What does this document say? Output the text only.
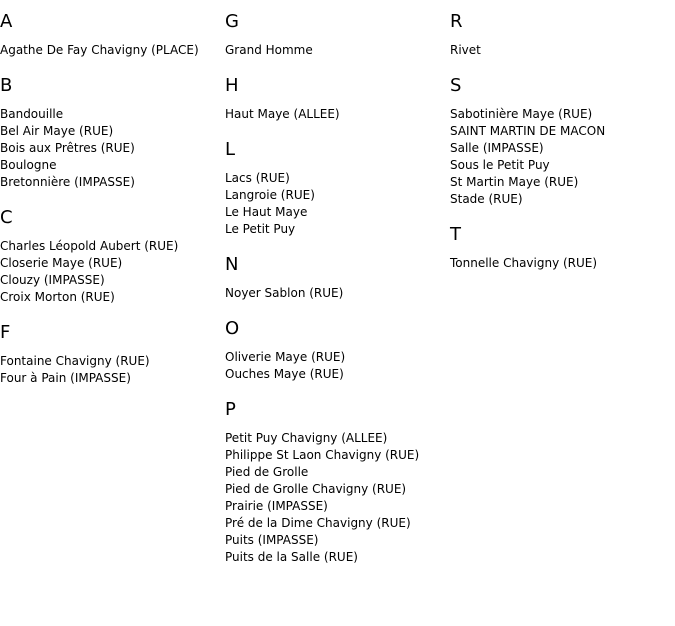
A
Agathe De Fay Chavigny (PLACE)
B
Bandouille
Bel Air Maye (RUE)
Bois aux Prêtres (RUE)
Boulogne
Bretonnière (IMPASSE)
C
Charles Léopold Aubert (RUE)
Closerie Maye (RUE)
Clouzy (IMPASSE)
Croix Morton (RUE)
F
Fontaine Chavigny (RUE)
Four à Pain (IMPASSE)
G
Grand Homme
H
Haut Maye (ALLEE)
L
Lacs (RUE)
Langroie (RUE)
Le Haut Maye
Le Petit Puy
N
Noyer Sablon (RUE)
O
Oliverie Maye (RUE)
Ouches Maye (RUE)
P
Petit Puy Chavigny (ALLEE)
Philippe St Laon Chavigny (RUE)
Pied de Grolle
Pied de Grolle Chavigny (RUE)
Prairie (IMPASSE)
Pré de la Dime Chavigny (RUE)
Puits (IMPASSE)
Puits de la Salle (RUE)
R
Rivet
S
Sabotinière Maye (RUE)
SAINT MARTIN DE MACON
Salle (IMPASSE)
Sous le Petit Puy
St Martin Maye (RUE)
Stade (RUE)
T
Tonnelle Chavigny (RUE)
